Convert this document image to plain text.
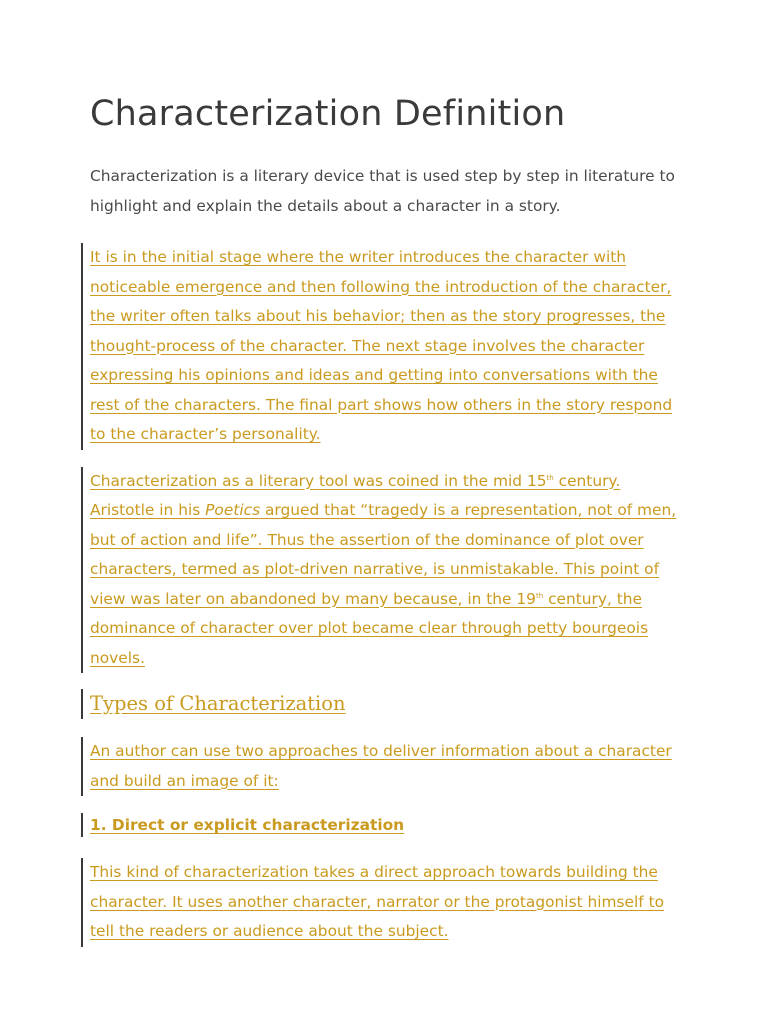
Characterization Definition

Characterization is a literary device that is used step by step in literature to highlight and explain the details about a character in a story.

It is in the initial stage where the writer introduces the character with noticeable emergence and then following the introduction of the character, the writer often talks about his behavior; then as the story progresses, the thought-process of the character. The next stage involves the character expressing his opinions and ideas and getting into conversations with the rest of the characters. The final part shows how others in the story respond to the character’s personality.
Characterization as a literary tool was coined in the mid 15th century. Aristotle in his Poetics argued that “tragedy is a representation, not of men, but of action and life”. Thus the assertion of the dominance of plot over characters, termed as plot-driven narrative, is unmistakable. This point of view was later on abandoned by many because, in the 19th century, the dominance of character over plot became clear through petty bourgeois novels.
Types of Characterization
An author can use two approaches to deliver information about a character and build an image of it:
1. Direct or explicit characterization
This kind of characterization takes a direct approach towards building the character. It uses another character, narrator or the protagonist himself to tell the readers or audience about the subject.
